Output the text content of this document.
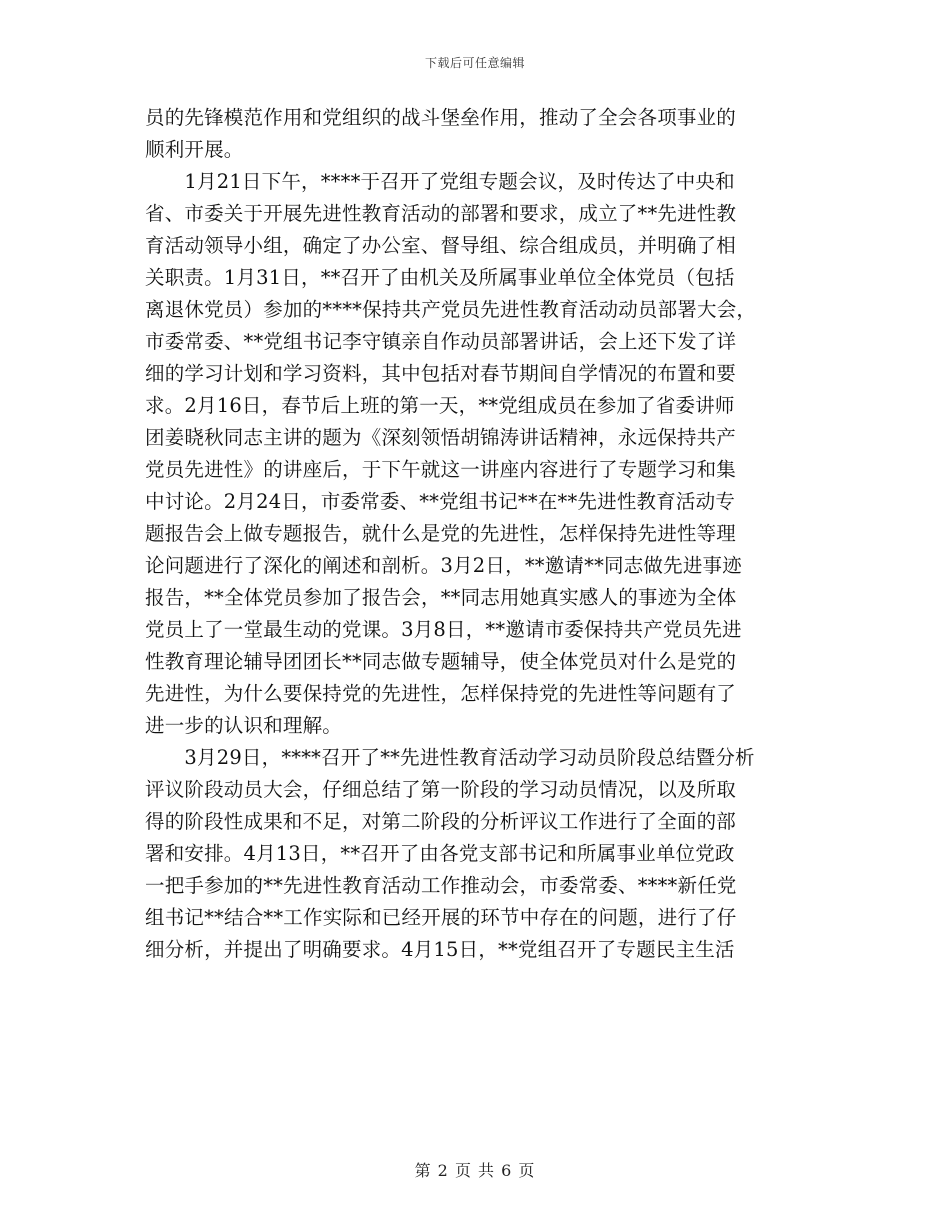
下载后可任意编辑
员的先锋模范作用和党组织的战斗堡垒作用，推动了全会各项事业的
顺利开展。
　　1月21日下午，****于召开了党组专题会议，及时传达了中央和
省、市委关于开展先进性教育活动的部署和要求，成立了**先进性教
育活动领导小组，确定了办公室、督导组、综合组成员，并明确了相
关职责。1月31日，**召开了由机关及所属事业单位全体党员（包括
离退休党员）参加的****保持共产党员先进性教育活动动员部署大会，
市委常委、**党组书记李守镇亲自作动员部署讲话，会上还下发了详
细的学习计划和学习资料，其中包括对春节期间自学情况的布置和要
求。2月16日，春节后上班的第一天，**党组成员在参加了省委讲师
团姜晓秋同志主讲的题为《深刻领悟胡锦涛讲话精神，永远保持共产
党员先进性》的讲座后，于下午就这一讲座内容进行了专题学习和集
中讨论。2月24日，市委常委、**党组书记**在**先进性教育活动专
题报告会上做专题报告，就什么是党的先进性，怎样保持先进性等理
论问题进行了深化的阐述和剖析。3月2日，**邀请**同志做先进事迹
报告，**全体党员参加了报告会，**同志用她真实感人的事迹为全体
党员上了一堂最生动的党课。3月8日，**邀请市委保持共产党员先进
性教育理论辅导团团长**同志做专题辅导，使全体党员对什么是党的
先进性，为什么要保持党的先进性，怎样保持党的先进性等问题有了
进一步的认识和理解。
　　3月29日，****召开了**先进性教育活动学习动员阶段总结暨分析
评议阶段动员大会，仔细总结了第一阶段的学习动员情况，以及所取
得的阶段性成果和不足，对第二阶段的分析评议工作进行了全面的部
署和安排。4月13日，**召开了由各党支部书记和所属事业单位党政
一把手参加的**先进性教育活动工作推动会，市委常委、****新任党
组书记**结合**工作实际和已经开展的环节中存在的问题，进行了仔
细分析，并提出了明确要求。4月15日，**党组召开了专题民主生活
第 2 页 共 6 页
